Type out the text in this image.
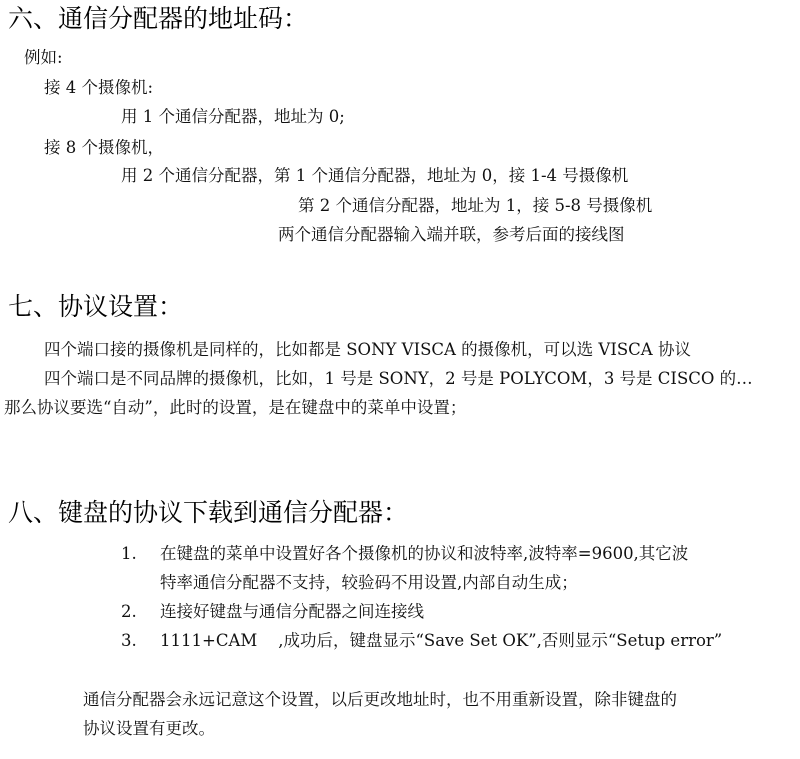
六、通信分配器的地址码：
例如:
接 4 个摄像机:
用 1 个通信分配器，地址为 0;
接 8 个摄像机，
用 2 个通信分配器，第 1 个通信分配器，地址为 0，接 1-4 号摄像机
第 2 个通信分配器，地址为 1，接 5-8 号摄像机
两个通信分配器输入端并联，参考后面的接线图
七、协议设置：
四个端口接的摄像机是同样的，比如都是 SONY VISCA 的摄像机，可以选 VISCA 协议
四个端口是不同品牌的摄像机，比如，1 号是 SONY，2 号是 POLYCOM，3 号是 CISCO 的…
那么协议要选“自动”，此时的设置，是在键盘中的菜单中设置；
八、键盘的协议下载到通信分配器：
1. 在键盘的菜单中设置好各个摄像机的协议和波特率,波特率=9600,其它波
特率通信分配器不支持，较验码不用设置,内部自动生成；
2. 连接好键盘与通信分配器之间连接线
3. 1111+CAM    ,成功后，键盘显示“Save Set OK”,否则显示“Setup error”
通信分配器会永远记意这个设置，以后更改地址时，也不用重新设置，除非键盘的
协议设置有更改。
